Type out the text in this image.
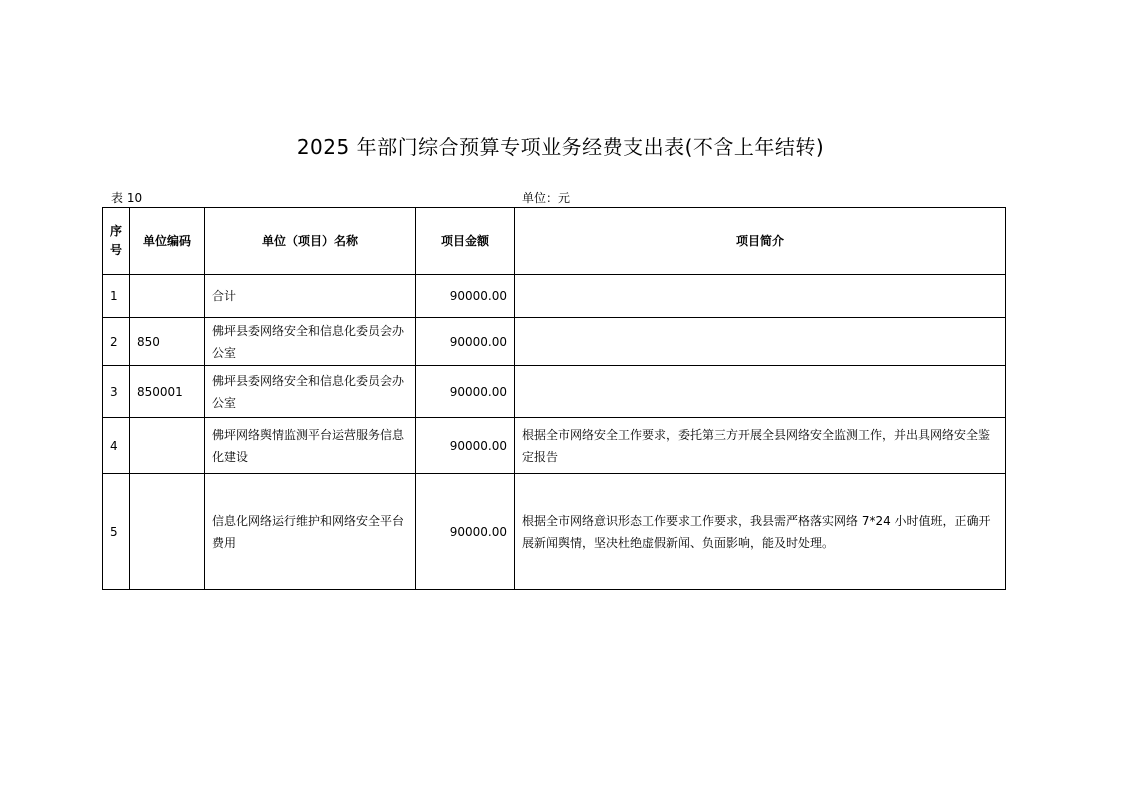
2025 年部门综合预算专项业务经费支出表(不含上年结转)
表 10	单位：元
序
号	单位编码	单位（项目）名称	项目金额	项目简介
1		合计	90000.00	
2	850	佛坪县委网络安全和信息化委员会办公室	90000.00	
3	850001	佛坪县委网络安全和信息化委员会办公室	90000.00	
4		佛坪网络舆情监测平台运营服务信息化建设	90000.00	根据全市网络安全工作要求，委托第三方开展全县网络安全监测工作，并出具网络安全鉴定报告
5		信息化网络运行维护和网络安全平台费用	90000.00	根据全市网络意识形态工作要求工作要求，我县需严格落实网络 7*24 小时值班，正确开展新闻舆情，坚决杜绝虚假新闻、负面影响，能及时处理。
